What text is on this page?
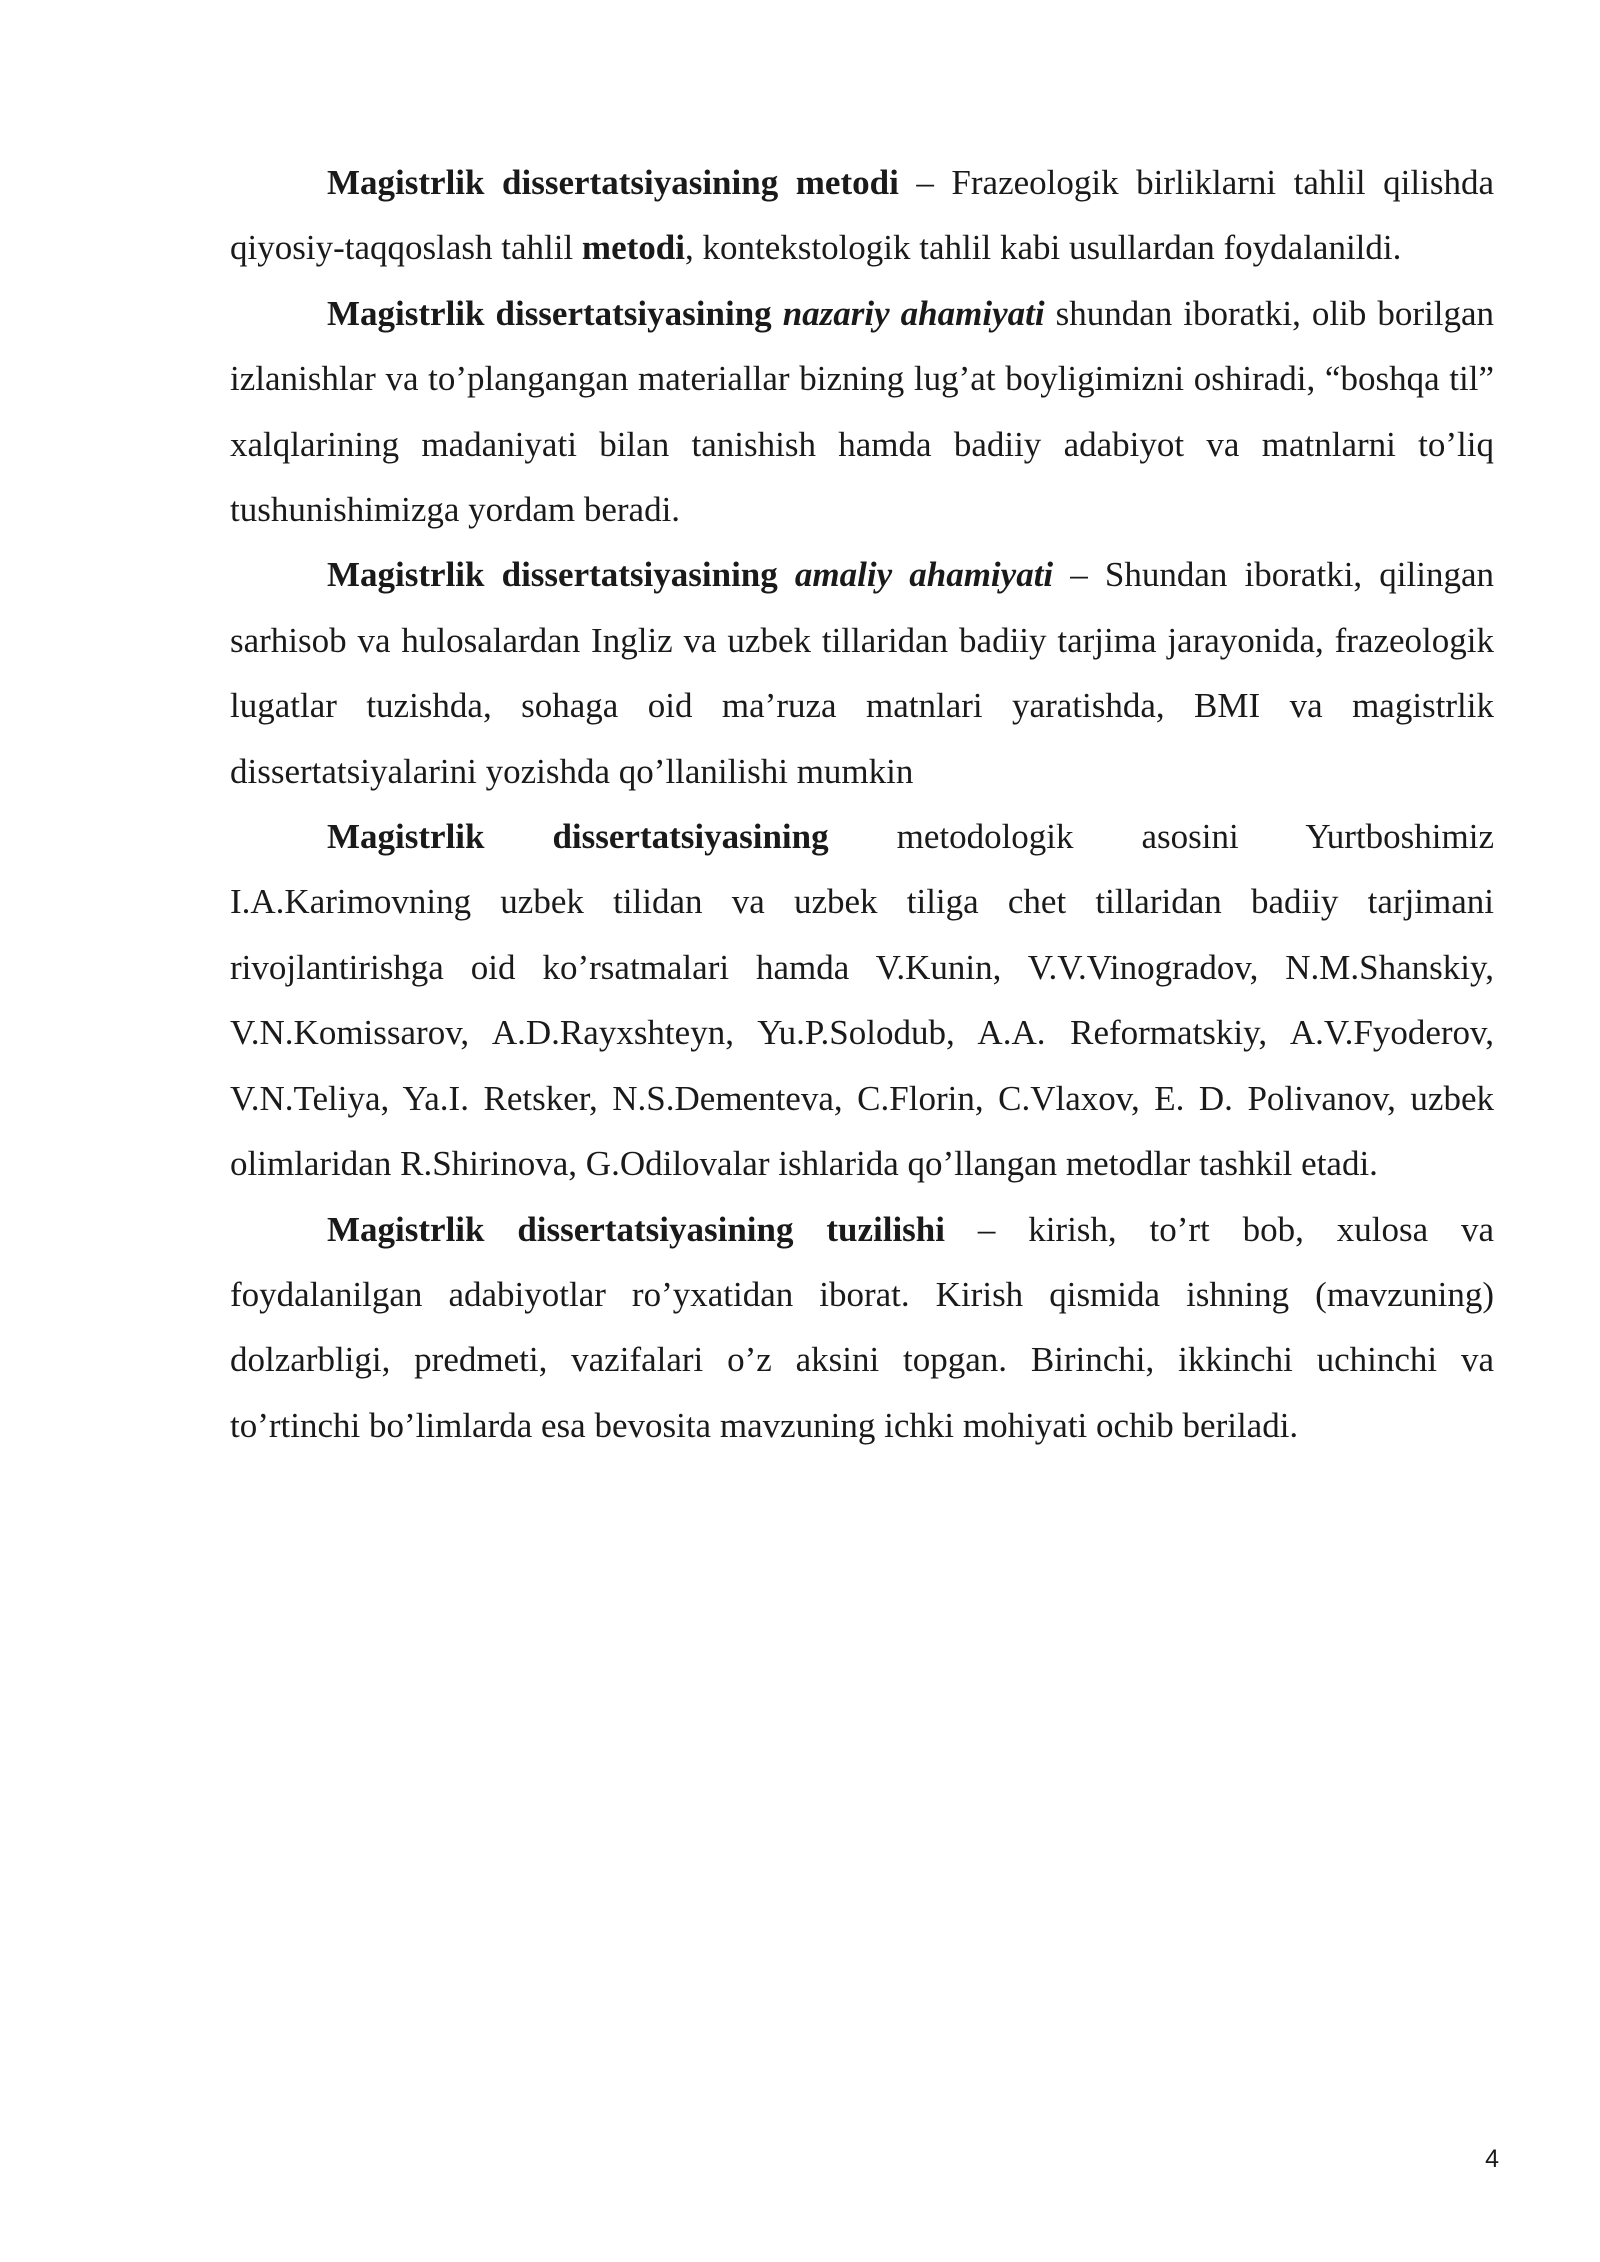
Magistrlik dissertatsiyasining metodi – Frazeologik birliklarni tahlil qilishda qiyosiy-taqqoslash tahlil metodi, kontekstologik tahlil kabi usullardan foydalanildi.

Magistrlik dissertatsiyasining nazariy ahamiyati shundan iboratki, olib borilgan izlanishlar va to’plangangan materiallar bizning lug’at boyligimizni oshiradi, “boshqa til” xalqlarining madaniyati bilan tanishish hamda badiiy adabiyot va matnlarni to’liq tushunishimizga yordam beradi.

Magistrlik dissertatsiyasining amaliy ahamiyati – Shundan iboratki, qilingan sarhisob va hulosalardan Ingliz va uzbek tillaridan badiiy tarjima jarayonida, frazeologik lugatlar tuzishda, sohaga oid ma’ruza matnlari yaratishda, BMI va magistrlik dissertatsiyalarini yozishda qo’llanilishi mumkin

Magistrlik dissertatsiyasining metodologik asosini Yurtboshimiz I.A.Karimovning uzbek tilidan va uzbek tiliga chet tillaridan badiiy tarjimani rivojlantirishga oid ko’rsatmalari hamda V.Kunin, V.V.Vinogradov, N.M.Shanskiy, V.N.Komissarov, A.D.Rayxshteyn, Yu.P.Solodub, A.A. Reformatskiy, A.V.Fyoderov, V.N.Teliya, Ya.I. Retsker, N.S.Dementeva, C.Florin, C.Vlaxov, E. D. Polivanov, uzbek olimlaridan R.Shirinova, G.Odilovalar ishlarida qo’llangan metodlar tashkil etadi.

Magistrlik dissertatsiyasining tuzilishi – kirish, to’rt bob, xulosa va foydalanilgan adabiyotlar ro’yxatidan iborat. Kirish qismida ishning (mavzuning) dolzarbligi, predmeti, vazifalari o’z aksini topgan. Birinchi, ikkinchi uchinchi va to’rtinchi bo’limlarda esa bevosita mavzuning ichki mohiyati ochib beriladi.

4
